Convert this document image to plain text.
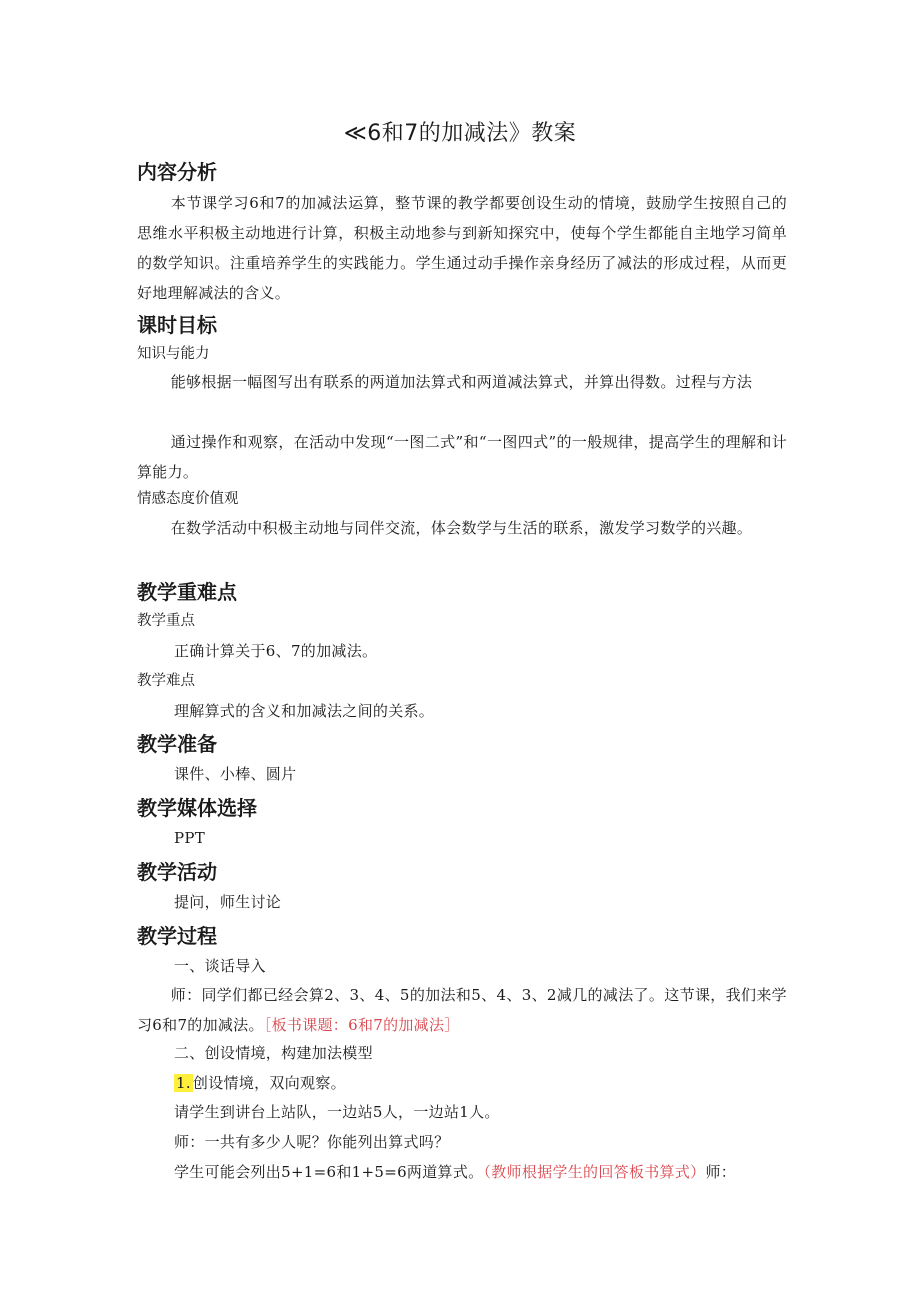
≪6和7的加减法》教案
内容分析
本节课学习6和7的加减法运算，整节课的教学都要创设生动的情境，鼓励学生按照自己的思维水平积极主动地进行计算，积极主动地参与到新知探究中，使每个学生都能自主地学习简单的数学知识。注重培养学生的实践能力。学生通过动手操作亲身经历了减法的形成过程，从而更好地理解减法的含义。
课时目标
知识与能力
能够根据一幅图写出有联系的两道加法算式和两道减法算式，并算出得数。过程与方法
通过操作和观察，在活动中发现“一图二式”和“一图四式”的一般规律，提高学生的理解和计算能力。
情感态度价值观
在数学活动中积极主动地与同伴交流，体会数学与生活的联系，激发学习数学的兴趣。
教学重难点
教学重点
正确计算关于6、7的加减法。
教学难点
理解算式的含义和加减法之间的关系。
教学准备
课件、小棒、圆片
教学媒体选择
PPT
教学活动
提问，师生讨论
教学过程
一、谈话导入
师：同学们都已经会算2、3、4、5的加法和5、4、3、2减几的减法了。这节课，我们来学习6和7的加减法。［板书课题：6和7的加减法］
二、创设情境，构建加法模型
1. 创设情境，双向观察。
请学生到讲台上站队，一边站5人，一边站1人。
师：一共有多少人呢？你能列出算式吗？
学生可能会列出5+1=6和1+5=6两道算式。（教师根据学生的回答板书算式）师：
